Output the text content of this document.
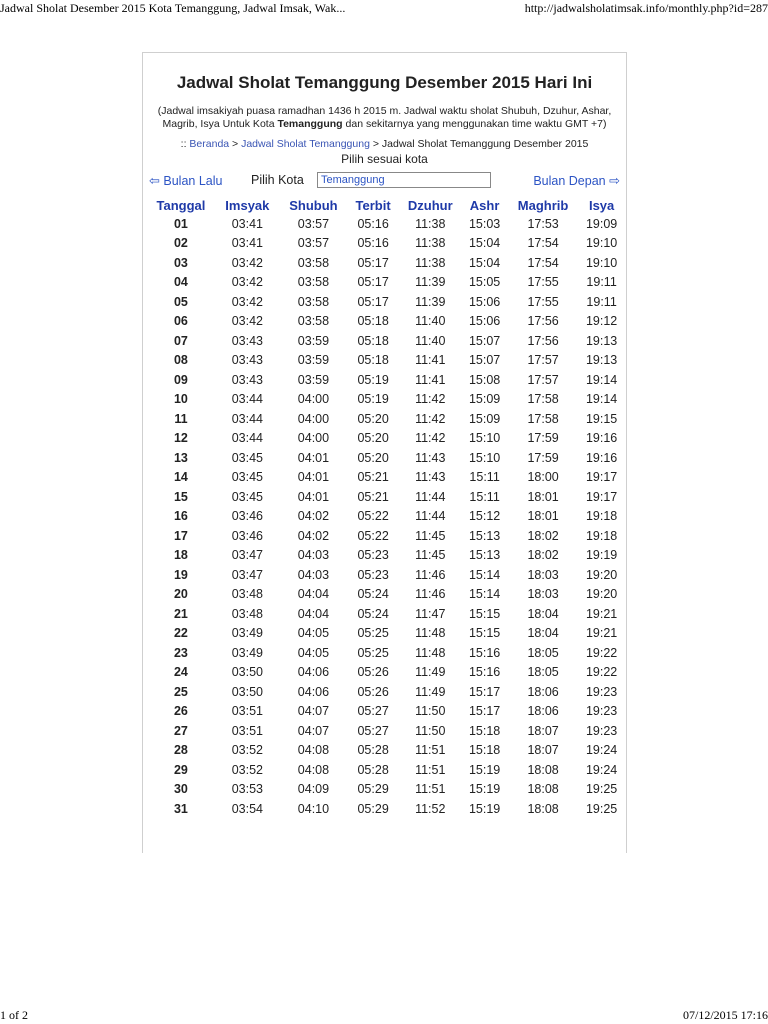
Jadwal Sholat Desember 2015 Kota Temanggung, Jadwal Imsak, Wak...	http://jadwalsholatimsak.info/monthly.php?id=287
Jadwal Sholat Temanggung Desember 2015 Hari Ini
(Jadwal imsakiyah puasa ramadhan 1436 h 2015 m. Jadwal waktu sholat Shubuh, Dzuhur, Ashar,
Magrib, Isya Untuk Kota Temanggung dan sekitarnya yang menggunakan time waktu GMT +7)
:: Beranda > Jadwal Sholat Temanggung > Jadwal Sholat Temanggung Desember 2015
Pilih sesuai kota
⇦ Bulan Lalu Pilih Kota
Temanggung	Bulan Depan ⇨
Tanggal	Imsyak	Shubuh	Terbit	Dzuhur	Ashr	Maghrib	Isya
01	03:41	03:57	05:16	11:38	15:03	17:53	19:09
02	03:41	03:57	05:16	11:38	15:04	17:54	19:10
03	03:42	03:58	05:17	11:38	15:04	17:54	19:10
04	03:42	03:58	05:17	11:39	15:05	17:55	19:11
05	03:42	03:58	05:17	11:39	15:06	17:55	19:11
06	03:42	03:58	05:18	11:40	15:06	17:56	19:12
07	03:43	03:59	05:18	11:40	15:07	17:56	19:13
08	03:43	03:59	05:18	11:41	15:07	17:57	19:13
09	03:43	03:59	05:19	11:41	15:08	17:57	19:14
10	03:44	04:00	05:19	11:42	15:09	17:58	19:14
11	03:44	04:00	05:20	11:42	15:09	17:58	19:15
12	03:44	04:00	05:20	11:42	15:10	17:59	19:16
13	03:45	04:01	05:20	11:43	15:10	17:59	19:16
14	03:45	04:01	05:21	11:43	15:11	18:00	19:17
15	03:45	04:01	05:21	11:44	15:11	18:01	19:17
16	03:46	04:02	05:22	11:44	15:12	18:01	19:18
17	03:46	04:02	05:22	11:45	15:13	18:02	19:18
18	03:47	04:03	05:23	11:45	15:13	18:02	19:19
19	03:47	04:03	05:23	11:46	15:14	18:03	19:20
20	03:48	04:04	05:24	11:46	15:14	18:03	19:20
21	03:48	04:04	05:24	11:47	15:15	18:04	19:21
22	03:49	04:05	05:25	11:48	15:15	18:04	19:21
23	03:49	04:05	05:25	11:48	15:16	18:05	19:22
24	03:50	04:06	05:26	11:49	15:16	18:05	19:22
25	03:50	04:06	05:26	11:49	15:17	18:06	19:23
26	03:51	04:07	05:27	11:50	15:17	18:06	19:23
27	03:51	04:07	05:27	11:50	15:18	18:07	19:23
28	03:52	04:08	05:28	11:51	15:18	18:07	19:24
29	03:52	04:08	05:28	11:51	15:19	18:08	19:24
30	03:53	04:09	05:29	11:51	15:19	18:08	19:25
31	03:54	04:10	05:29	11:52	15:19	18:08	19:25
1 of 2	07/12/2015 17:16
